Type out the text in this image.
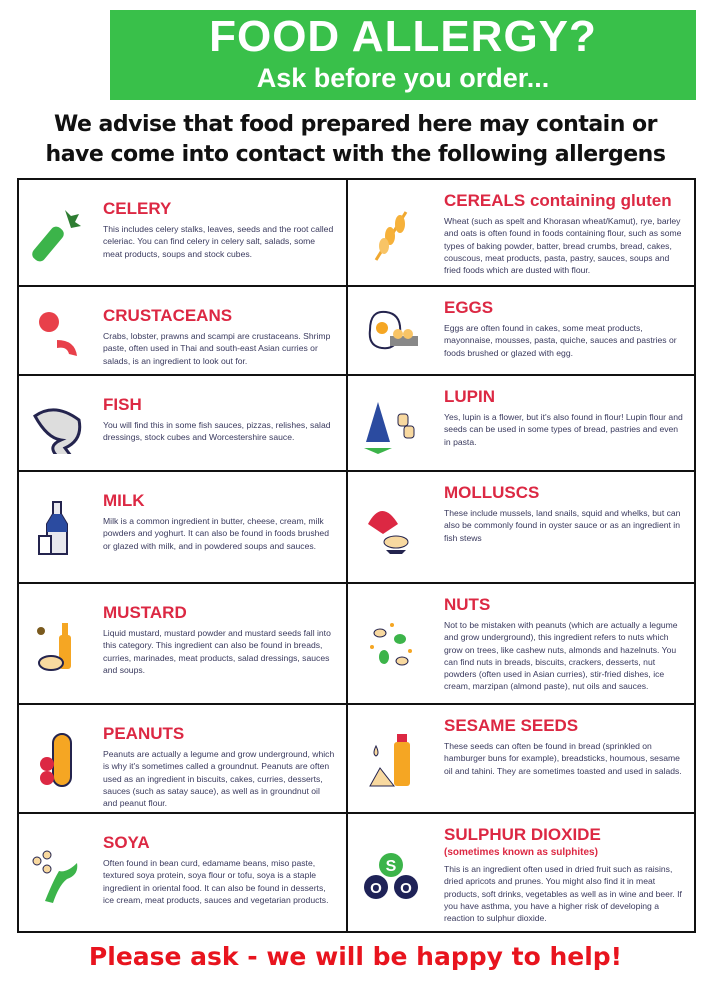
FOOD ALLERGY?
Ask before you order...
We advise that food prepared here may contain or have come into contact with the following allergens
CELERY

This includes celery stalks, leaves, seeds and the root called celeriac. You can find celery in celery salt, salads, some meat products, soups and stock cubes.

CEREALS containing gluten

Wheat (such as spelt and Khorasan wheat/Kamut), rye, barley and oats is often found in foods containing flour, such as some types of baking powder, batter, bread crumbs, bread, cakes, couscous, meat products, pasta, pastry, sauces, soups and fried foods which are dusted with flour.

CRUSTACEANS

Crabs, lobster, prawns and scampi are crustaceans. Shrimp paste, often used in Thai and south-east Asian curries or salads, is an ingredient to look out for.

EGGS

Eggs are often found in cakes, some meat products, mayonnaise, mousses, pasta, quiche, sauces and pastries or foods brushed or glazed with egg.

FISH

You will find this in some fish sauces, pizzas, relishes, salad dressings, stock cubes and Worcestershire sauce.

LUPIN

Yes, lupin is a flower, but it's also found in flour! Lupin flour and seeds can be used in some types of bread, pastries and even in pasta.

MILK

Milk is a common ingredient in butter, cheese, cream, milk powders and yoghurt. It can also be found in foods brushed or glazed with milk, and in powdered soups and sauces.

MOLLUSCS

These include mussels, land snails, squid and whelks, but can also be commonly found in oyster sauce or as an ingredient in fish stews

MUSTARD

Liquid mustard, mustard powder and mustard seeds fall into this category. This ingredient can also be found in breads, curries, marinades, meat products, salad dressings, sauces and soups.

NUTS

Not to be mistaken with peanuts (which are actually a legume and grow underground), this ingredient refers to nuts which grow on trees, like cashew nuts, almonds and hazelnuts. You can find nuts in breads, biscuits, crackers, desserts, nut powders (often used in Asian curries), stir-fried dishes, ice cream, marzipan (almond paste), nut oils and sauces.

PEANUTS

Peanuts are actually a legume and grow underground, which is why it's sometimes called a groundnut. Peanuts are often used as an ingredient in biscuits, cakes, curries, desserts, sauces (such as satay sauce), as well as in groundnut oil and peanut flour.

SESAME SEEDS

These seeds can often be found in bread (sprinkled on hamburger buns for example), breadsticks, houmous, sesame oil and tahini. They are sometimes toasted and used in salads.

SOYA

Often found in bean curd, edamame beans, miso paste, textured soya protein, soya flour or tofu, soya is a staple ingredient in oriental food. It can also be found in desserts, ice cream, meat products, sauces and vegetarian products.

S
O O
SULPHUR DIOXIDE
(sometimes known as sulphites)

This is an ingredient often used in dried fruit such as raisins, dried apricots and prunes. You might also find it in meat products, soft drinks, vegetables as well as in wine and beer. If you have asthma, you have a higher risk of developing a reaction to sulphur dioxide.

Please ask - we will be happy to help!
